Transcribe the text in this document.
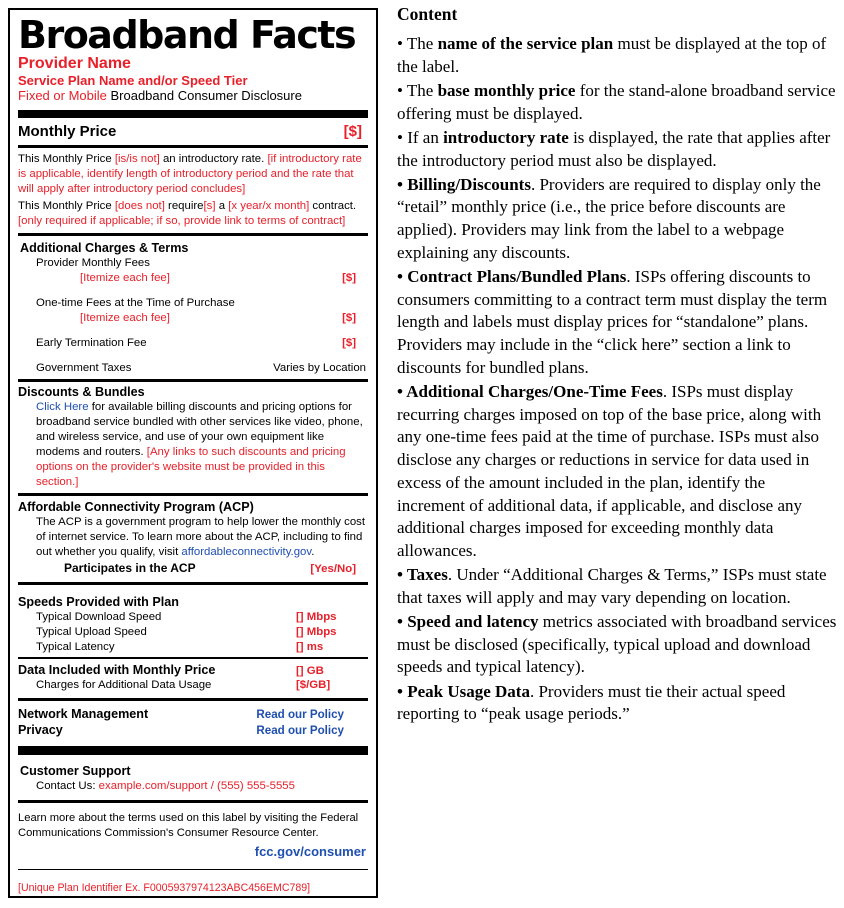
Broadband Facts
Provider Name
Service Plan Name and/or Speed Tier
Fixed or Mobile Broadband Consumer Disclosure
Monthly Price	[$]
This Monthly Price [is/is not] an introductory rate. [if introductory rate is applicable, identify length of introductory period and the rate that will apply after introductory period concludes]
This Monthly Price [does not] require[s] a [x year/x month] contract. [only required if applicable; if so, provide link to terms of contract]
Additional Charges & Terms
Provider Monthly Fees
[Itemize each fee]	[$]
One-time Fees at the Time of Purchase
[Itemize each fee]	[$]
Early Termination Fee	[$]
Government Taxes	Varies by Location
Discounts & Bundles
Click Here for available billing discounts and pricing options for broadband service bundled with other services like video, phone, and wireless service, and use of your own equipment like modems and routers. [Any links to such discounts and pricing options on the provider's website must be provided in this section.]
Affordable Connectivity Program (ACP)
The ACP is a government program to help lower the monthly cost of internet service. To learn more about the ACP, including to find out whether you qualify, visit affordableconnectivity.gov.
Participates in the ACP	[Yes/No]
Speeds Provided with Plan
Typical Download Speed	[] Mbps
Typical Upload Speed	[] Mbps
Typical Latency	[] ms
Data Included with Monthly Price	[] GB
Charges for Additional Data Usage	[$/GB]
Network Management	Read our Policy
Privacy	Read our Policy
Customer Support
Contact Us: example.com/support / (555) 555-5555
Learn more about the terms used on this label by visiting the Federal Communications Commission's Consumer Resource Center.
fcc.gov/consumer
[Unique Plan Identifier Ex. F0005937974123ABC456EMC789]
Content

• The name of the service plan must be displayed at the top of the label.

• The base monthly price for the stand-alone broadband service offering must be displayed.

• If an introductory rate is displayed, the rate that applies after the introductory period must also be displayed.

• Billing/Discounts. Providers are required to display only the “retail” monthly price (i.e., the price before discounts are applied). Providers may link from the label to a webpage explaining any discounts.

• Contract Plans/Bundled Plans. ISPs offering discounts to consumers committing to a contract term must display the term length and labels must display prices for “standalone” plans. Providers may include in the “click here” section a link to discounts for bundled plans.

• Additional Charges/One-Time Fees. ISPs must display recurring charges imposed on top of the base price, along with any one-time fees paid at the time of purchase. ISPs must also disclose any charges or reductions in service for data used in excess of the amount included in the plan, identify the increment of additional data, if applicable, and disclose any additional charges imposed for exceeding monthly data allowances.

• Taxes. Under “Additional Charges & Terms,” ISPs must state that taxes will apply and may vary depending on location.

• Speed and latency metrics associated with broadband services must be disclosed (specifically, typical upload and download speeds and typical latency).

• Peak Usage Data. Providers must tie their actual speed reporting to “peak usage periods.”
